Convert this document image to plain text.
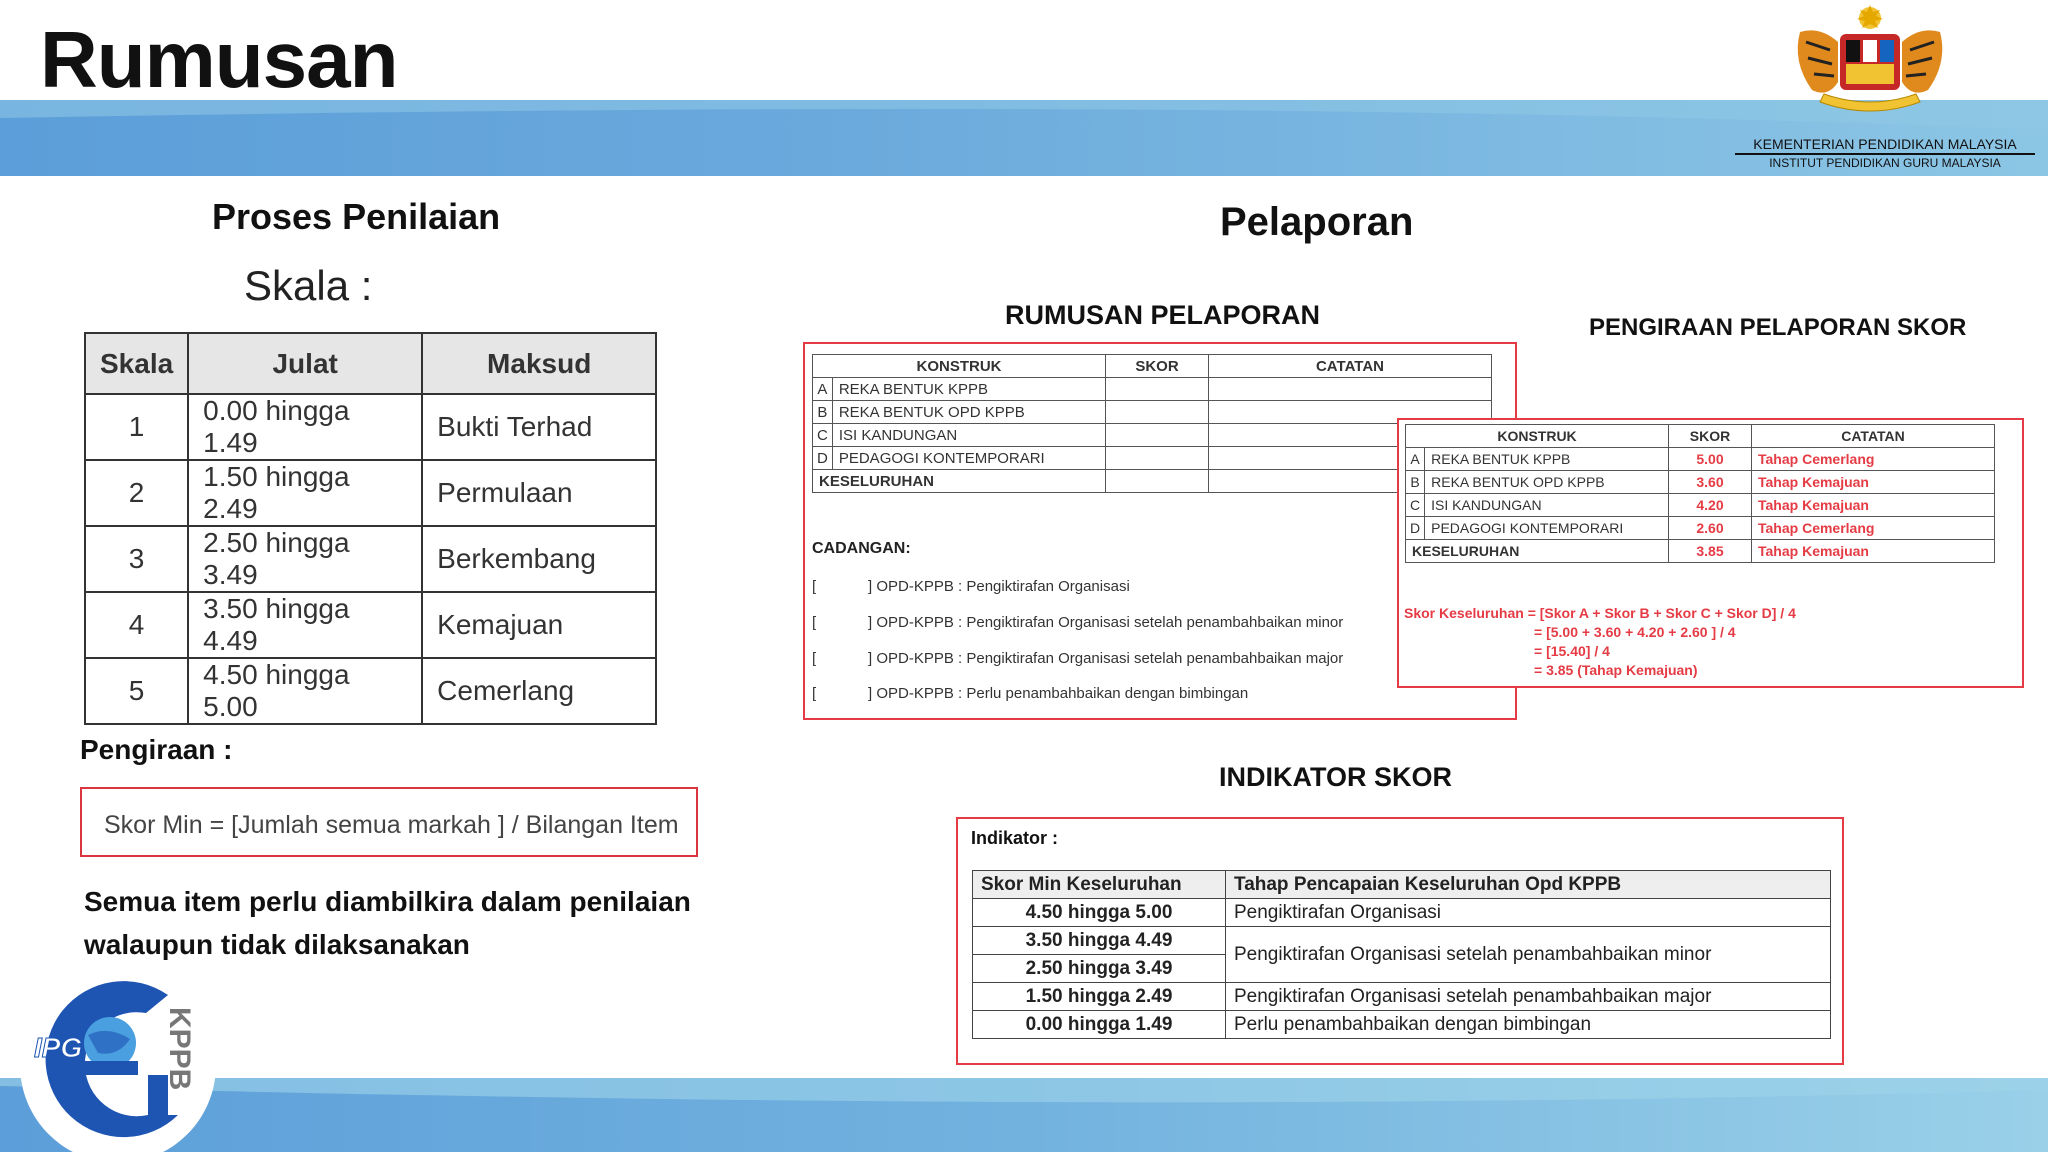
Rumusan
KEMENTERIAN PENDIDIKAN MALAYSIA
INSTITUT PENDIDIKAN GURU MALAYSIA
Proses Penilaian
Skala :
Skala	Julat	Maksud
1	0.00 hingga 1.49	Bukti Terhad
2	1.50 hingga 2.49	Permulaan
3	2.50 hingga 3.49	Berkembang
4	3.50 hingga 4.49	Kemajuan
5	4.50 hingga 5.00	Cemerlang
Pengiraan :
Skor Min = [Jumlah semua markah ] / Bilangan Item
Semua item perlu diambilkira dalam penilaian walaupun tidak dilaksanakan
Pelaporan
RUMUSAN PELAPORAN	PENGIRAAN PELAPORAN SKOR
KONSTRUK		SKOR	CATATAN
A	REKA BENTUK KPPB		
B	REKA BENTUK OPD KPPB		
C	ISI KANDUNGAN		
D	PEDAGOGI KONTEMPORARI		
KESELURUHAN			
CADANGAN:
[	] OPD-KPPB : Pengiktirafan Organisasi
[	] OPD-KPPB : Pengiktirafan Organisasi setelah penambahbaikan minor
[	] OPD-KPPB : Pengiktirafan Organisasi setelah penambahbaikan major
[	] OPD-KPPB : Perlu penambahbaikan dengan bimbingan
KONSTRUK		SKOR	CATATAN
A	REKA BENTUK KPPB	5.00	Tahap Cemerlang
B	REKA BENTUK OPD KPPB	3.60	Tahap Kemajuan
C	ISI KANDUNGAN	4.20	Tahap Kemajuan
D	PEDAGOGI KONTEMPORARI	2.60	Tahap Cemerlang
KESELURUHAN		3.85	Tahap Kemajuan
Skor Keseluruhan = [Skor A + Skor B + Skor C + Skor D] / 4
= [5.00 + 3.60 + 4.20 + 2.60 ] / 4
= [15.40] / 4
= 3.85 (Tahap Kemajuan)
INDIKATOR SKOR
Indikator :
Skor Min Keseluruhan	Tahap Pencapaian Keseluruhan Opd KPPB
4.50 hingga 5.00	Pengiktirafan Organisasi
3.50 hingga 4.49	Pengiktirafan Organisasi setelah penambahbaikan minor
2.50 hingga 3.49	
1.50 hingga 2.49	Pengiktirafan Organisasi setelah penambahbaikan major
0.00 hingga 1.49	Perlu penambahbaikan dengan bimbingan
IPG	KPPB
